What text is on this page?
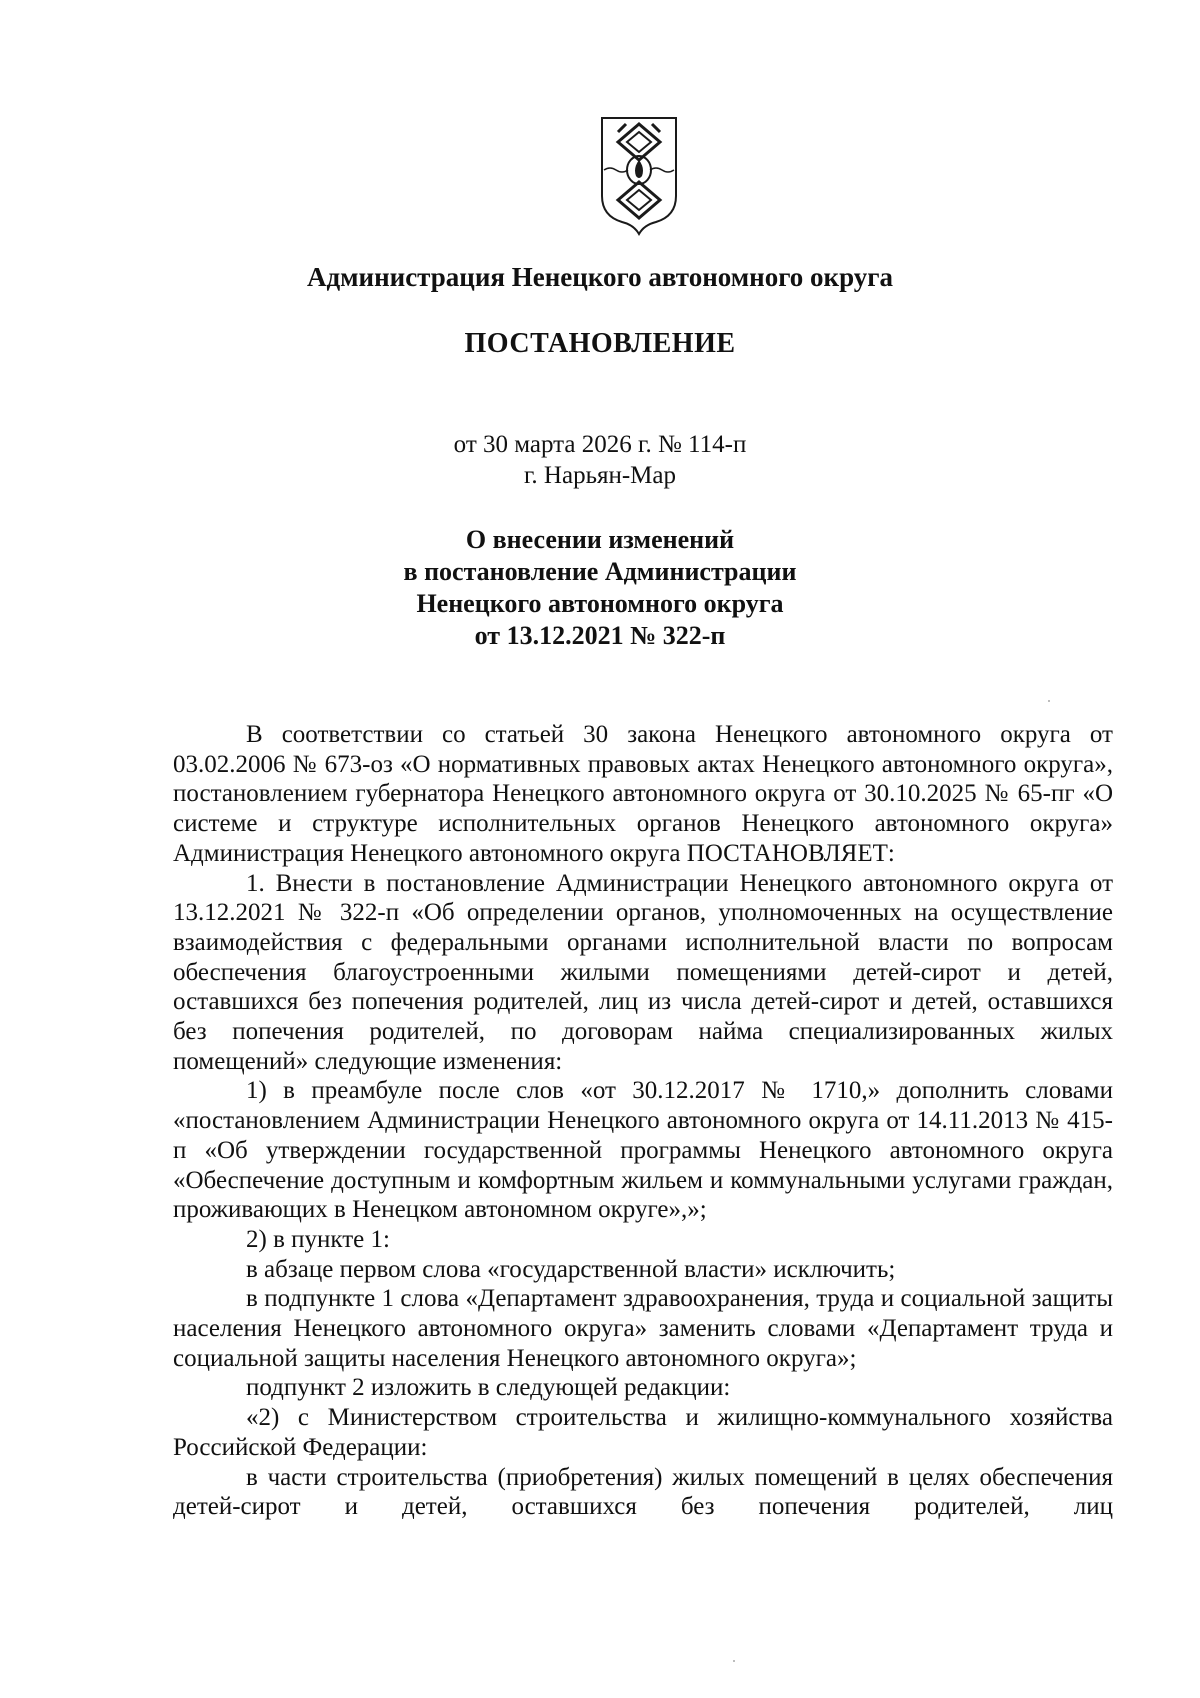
Администрация Ненецкого автономного округа
ПОСТАНОВЛЕНИЕ
от 30 марта 2026 г. № 114-п
г. Нарьян-Мар
О внесении изменений
в постановление Администрации
Ненецкого автономного округа
от 13.12.2021 № 322-п

В соответствии со статьей 30 закона Ненецкого автономного округа от 03.02.2006 № 673-оз «О нормативных правовых актах Ненецкого автономного округа», постановлением губернатора Ненецкого автономного округа от 30.10.2025 № 65-пг «О системе и структуре исполнительных органов Ненецкого автономного округа» Администрация Ненецкого автономного округа ПОСТАНОВЛЯЕТ:

1. Внести в постановление Администрации Ненецкого автономного округа от 13.12.2021 № 322-п «Об определении органов, уполномоченных на осуществление взаимодействия с федеральными органами исполнительной власти по вопросам обеспечения благоустроенными жилыми помещениями детей-сирот и детей, оставшихся без попечения родителей, лиц из числа детей-сирот и детей, оставшихся без попечения родителей, по договорам найма специализированных жилых помещений» следующие изменения:

1) в преамбуле после слов «от 30.12.2017 № 1710,» дополнить словами «постановлением Администрации Ненецкого автономного округа от 14.11.2013 № 415-п «Об утверждении государственной программы Ненецкого автономного округа «Обеспечение доступным и комфортным жильем и коммунальными услугами граждан, проживающих в Ненецком автономном округе»,»;

2) в пункте 1:

в абзаце первом слова «государственной власти» исключить;

в подпункте 1 слова «Департамент здравоохранения, труда и социальной защиты населения Ненецкого автономного округа» заменить словами «Департамент труда и социальной защиты населения Ненецкого автономного округа»;

подпункт 2 изложить в следующей редакции:

«2) с Министерством строительства и жилищно-коммунального хозяйства Российской Федерации:

в части строительства (приобретения) жилых помещений в целях обеспечения детей-сирот и детей, оставшихся без попечения родителей, лиц
